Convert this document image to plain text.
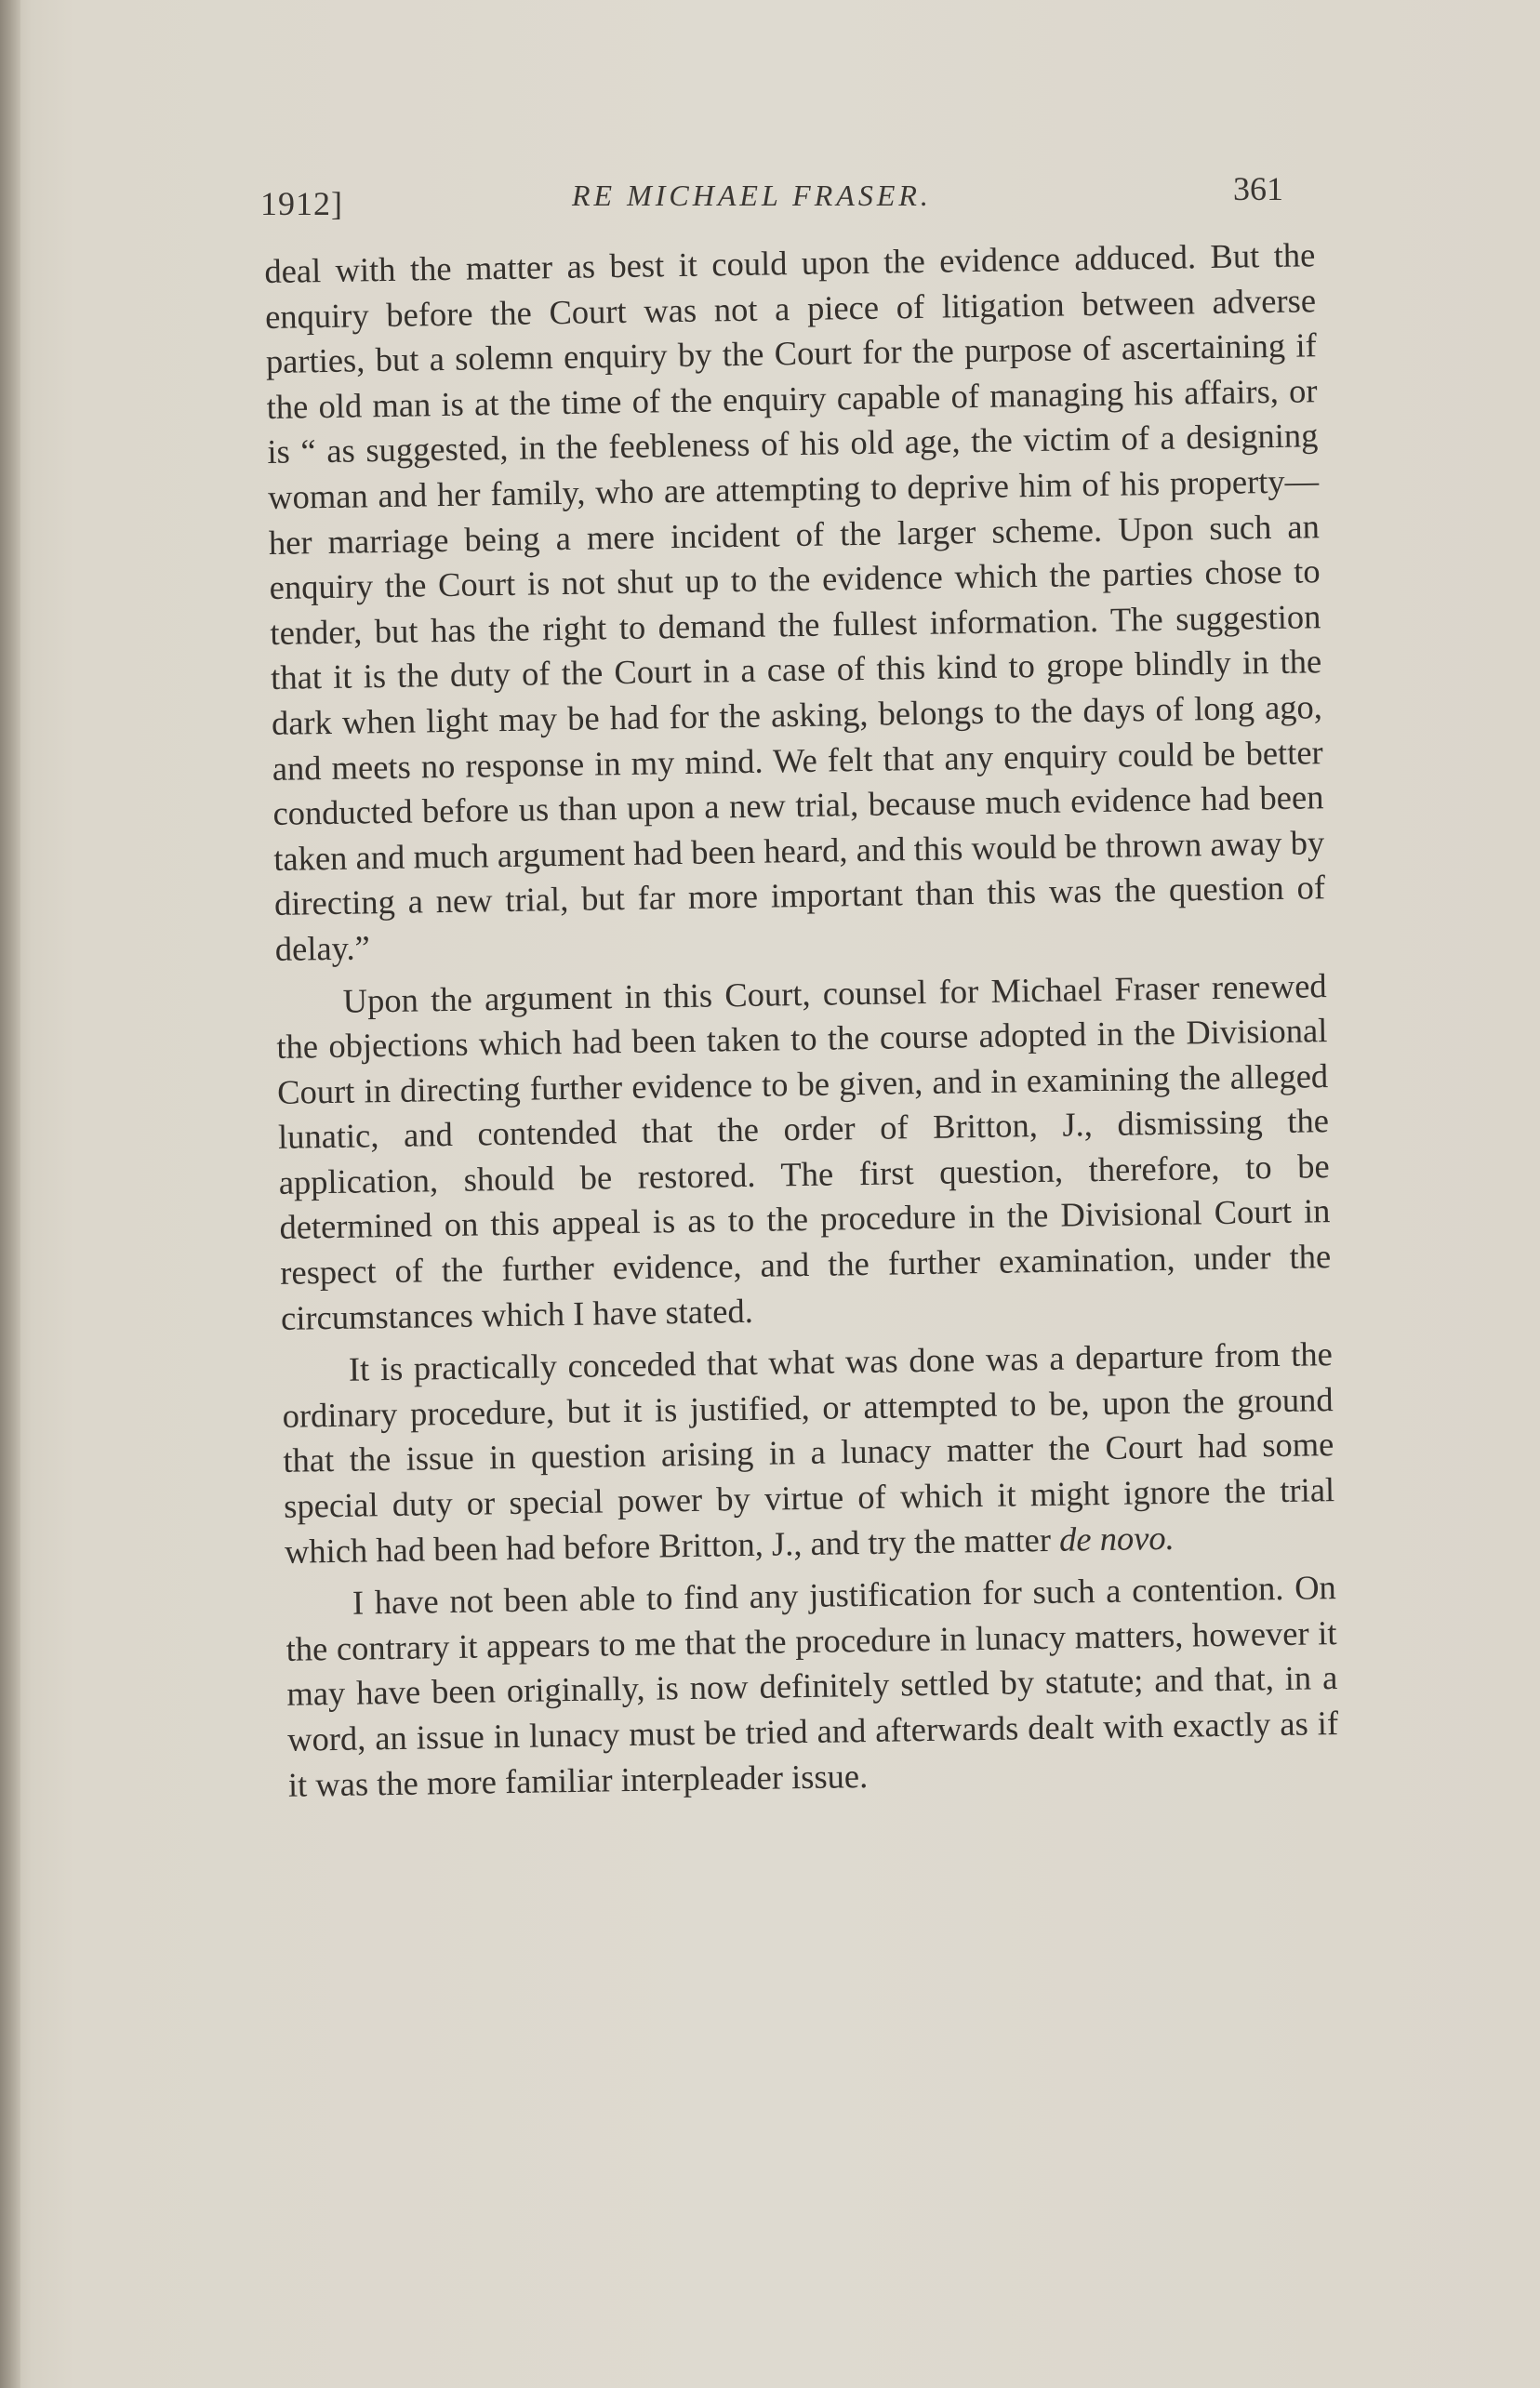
1912]	RE MICHAEL FRASER.	361

deal with the matter as best it could upon the evidence adduced. But the enquiry before the Court was not a piece of litigation between adverse parties, but a solemn enquiry by the Court for the purpose of ascertaining if the old man is at the time of the enquiry capable of managing his affairs, or is “ as suggested, in the feebleness of his old age, the victim of a designing woman and her family, who are attempting to deprive him of his property—her marriage being a mere incident of the larger scheme. Upon such an enquiry the Court is not shut up to the evidence which the parties chose to tender, but has the right to demand the fullest information. The suggestion that it is the duty of the Court in a case of this kind to grope blindly in the dark when light may be had for the asking, belongs to the days of long ago, and meets no response in my mind. We felt that any enquiry could be better conducted before us than upon a new trial, because much evidence had been taken and much argument had been heard, and this would be thrown away by directing a new trial, but far more important than this was the question of delay.”

Upon the argument in this Court, counsel for Michael Fraser renewed the objections which had been taken to the course adopted in the Divisional Court in directing further evidence to be given, and in examining the alleged lunatic, and contended that the order of Britton, J., dismissing the application, should be restored. The first question, therefore, to be determined on this appeal is as to the procedure in the Divisional Court in respect of the further evidence, and the further examination, under the circumstances which I have stated.

It is practically conceded that what was done was a departure from the ordinary procedure, but it is justified, or attempted to be, upon the ground that the issue in question arising in a lunacy matter the Court had some special duty or special power by virtue of which it might ignore the trial which had been had before Britton, J., and try the matter de novo.

I have not been able to find any justification for such a contention. On the contrary it appears to me that the procedure in lunacy matters, however it may have been originally, is now definitely settled by statute; and that, in a word, an issue in lunacy must be tried and afterwards dealt with exactly as if it was the more familiar interpleader issue.
